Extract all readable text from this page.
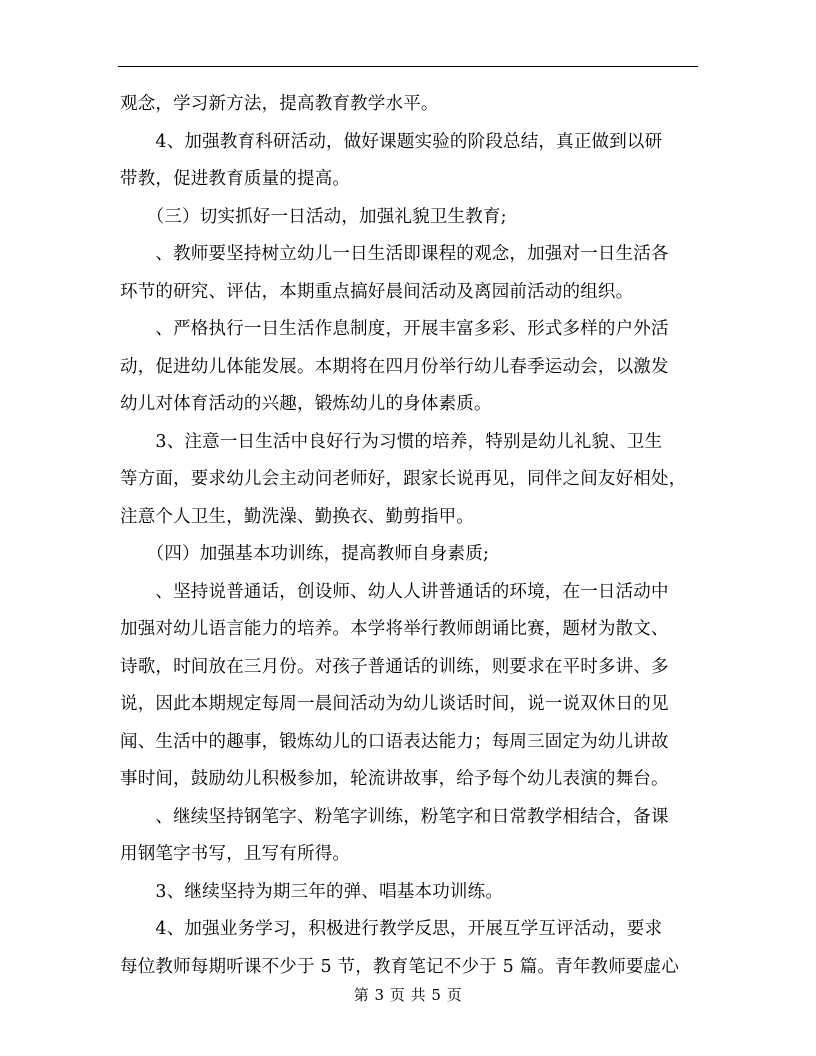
观念，学习新方法，提高教育教学水平。
　　4、加强教育科研活动，做好课题实验的阶段总结，真正做到以研
带教，促进教育质量的提高。
　　（三）切实抓好一日活动，加强礼貌卫生教育;
　　、教师要坚持树立幼儿一日生活即课程的观念，加强对一日生活各
环节的研究、评估，本期重点搞好晨间活动及离园前活动的组织。
　　、严格执行一日生活作息制度，开展丰富多彩、形式多样的户外活
动，促进幼儿体能发展。本期将在四月份举行幼儿春季运动会，以激发
幼儿对体育活动的兴趣，锻炼幼儿的身体素质。
　　3、注意一日生活中良好行为习惯的培养，特别是幼儿礼貌、卫生
等方面，要求幼儿会主动问老师好，跟家长说再见，同伴之间友好相处，
注意个人卫生，勤洗澡、勤换衣、勤剪指甲。
　　（四）加强基本功训练，提高教师自身素质;
　　、坚持说普通话，创设师、幼人人讲普通话的环境，在一日活动中
加强对幼儿语言能力的培养。本学将举行教师朗诵比赛，题材为散文、
诗歌，时间放在三月份。对孩子普通话的训练，则要求在平时多讲、多
说，因此本期规定每周一晨间活动为幼儿谈话时间，说一说双休日的见
闻、生活中的趣事，锻炼幼儿的口语表达能力；每周三固定为幼儿讲故
事时间，鼓励幼儿积极参加，轮流讲故事，给予每个幼儿表演的舞台。
　　、继续坚持钢笔字、粉笔字训练，粉笔字和日常教学相结合，备课
用钢笔字书写，且写有所得。
　　3、继续坚持为期三年的弹、唱基本功训练。
　　4、加强业务学习，积极进行教学反思，开展互学互评活动，要求
每位教师每期听课不少于 5 节，教育笔记不少于 5 篇。青年教师要虚心
第 3 页 共 5 页
